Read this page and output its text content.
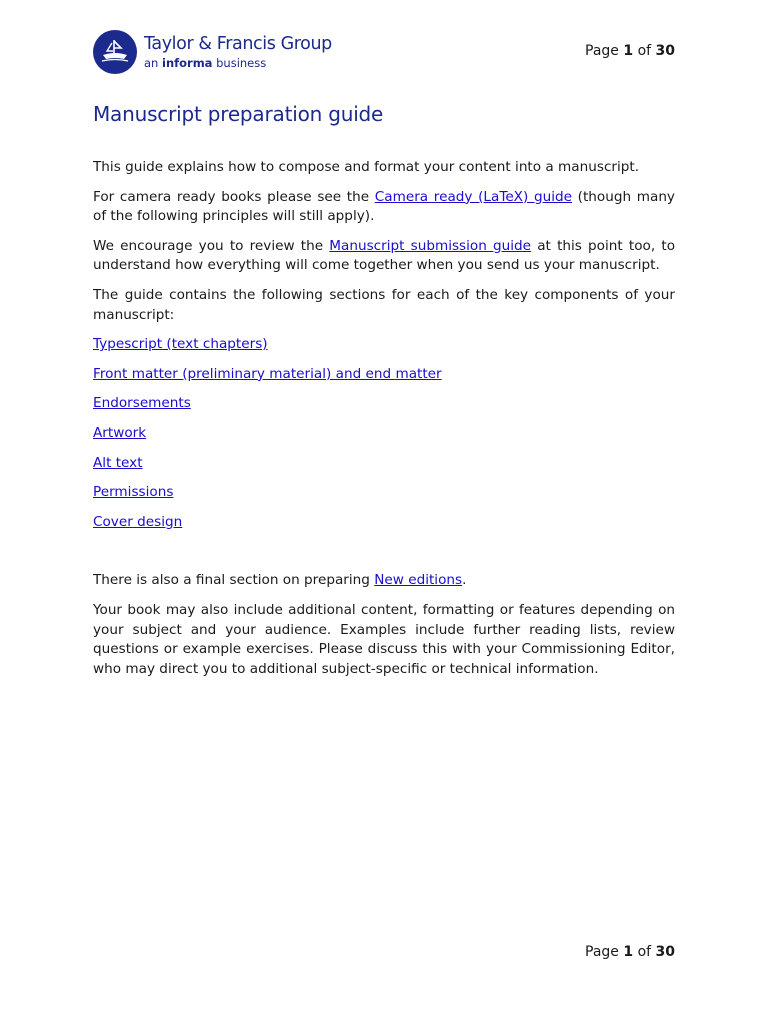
Taylor & Francis Group
an informa business
Page 1 of 30
Manuscript preparation guide

This guide explains how to compose and format your content into a manuscript.

For camera ready books please see the Camera ready (LaTeX) guide (though many of the following principles will still apply).

We encourage you to review the Manuscript submission guide at this point too, to understand how everything will come together when you send us your manuscript.

The guide contains the following sections for each of the key components of your manuscript:

Typescript (text chapters)

Front matter (preliminary material) and end matter

Endorsements

Artwork

Alt text

Permissions

Cover design

There is also a final section on preparing New editions.

Your book may also include additional content, formatting or features depending on your subject and your audience. Examples include further reading lists, review questions or example exercises. Please discuss this with your Commissioning Editor, who may direct you to additional subject-specific or technical information.

Page 1 of 30
